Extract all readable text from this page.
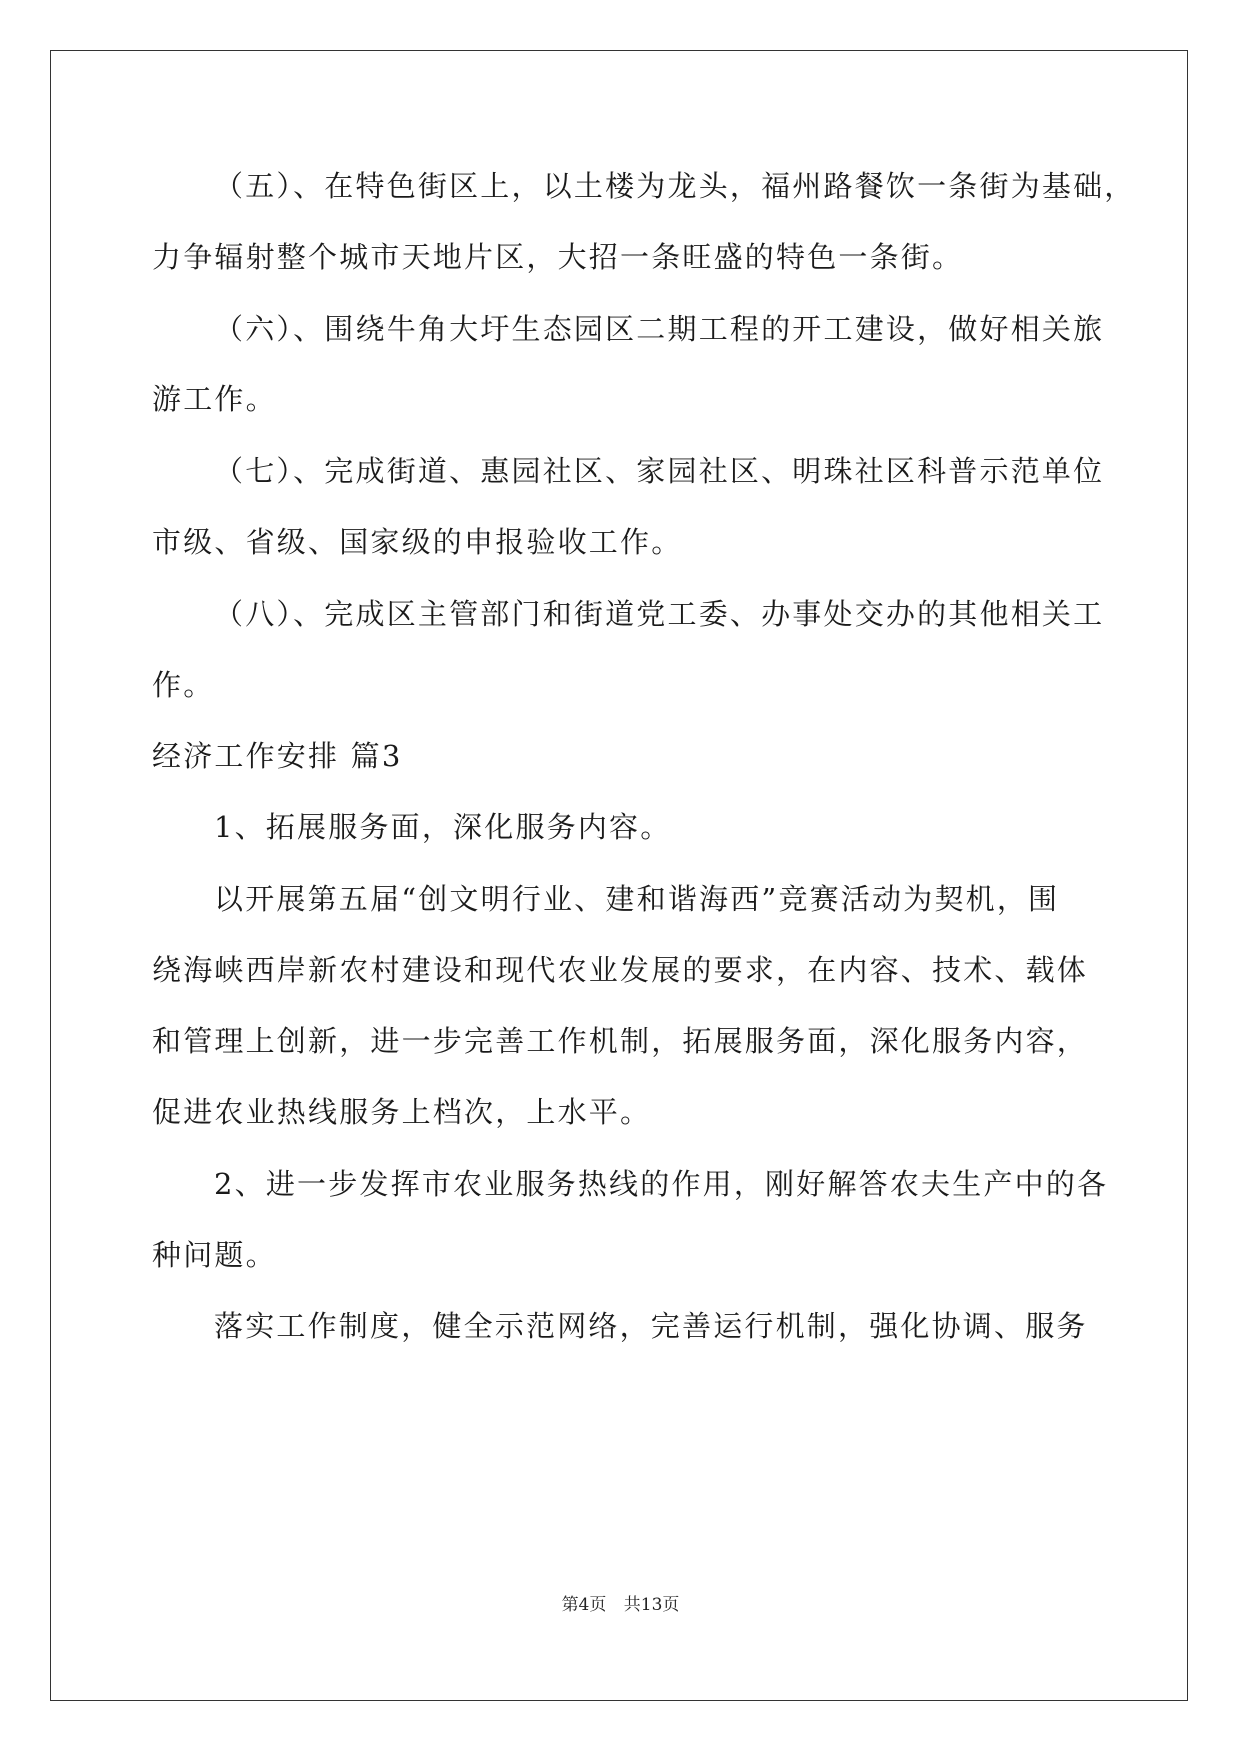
（五）、在特色街区上，以土楼为龙头，福州路餐饮一条街为基础，
力争辐射整个城市天地片区，大招一条旺盛的特色一条街。
（六）、围绕牛角大圩生态园区二期工程的开工建设，做好相关旅
游工作。
（七）、完成街道、惠园社区、家园社区、明珠社区科普示范单位
市级、省级、国家级的申报验收工作。
（八）、完成区主管部门和街道党工委、办事处交办的其他相关工
作。
经济工作安排 篇3
1、拓展服务面，深化服务内容。
以开展第五届“创文明行业、建和谐海西”竞赛活动为契机，围
绕海峡西岸新农村建设和现代农业发展的要求，在内容、技术、载体
和管理上创新，进一步完善工作机制，拓展服务面，深化服务内容，
促进农业热线服务上档次，上水平。
2、进一步发挥市农业服务热线的作用，刚好解答农夫生产中的各
种问题。
落实工作制度，健全示范网络，完善运行机制，强化协调、服务
第4页 共13页
